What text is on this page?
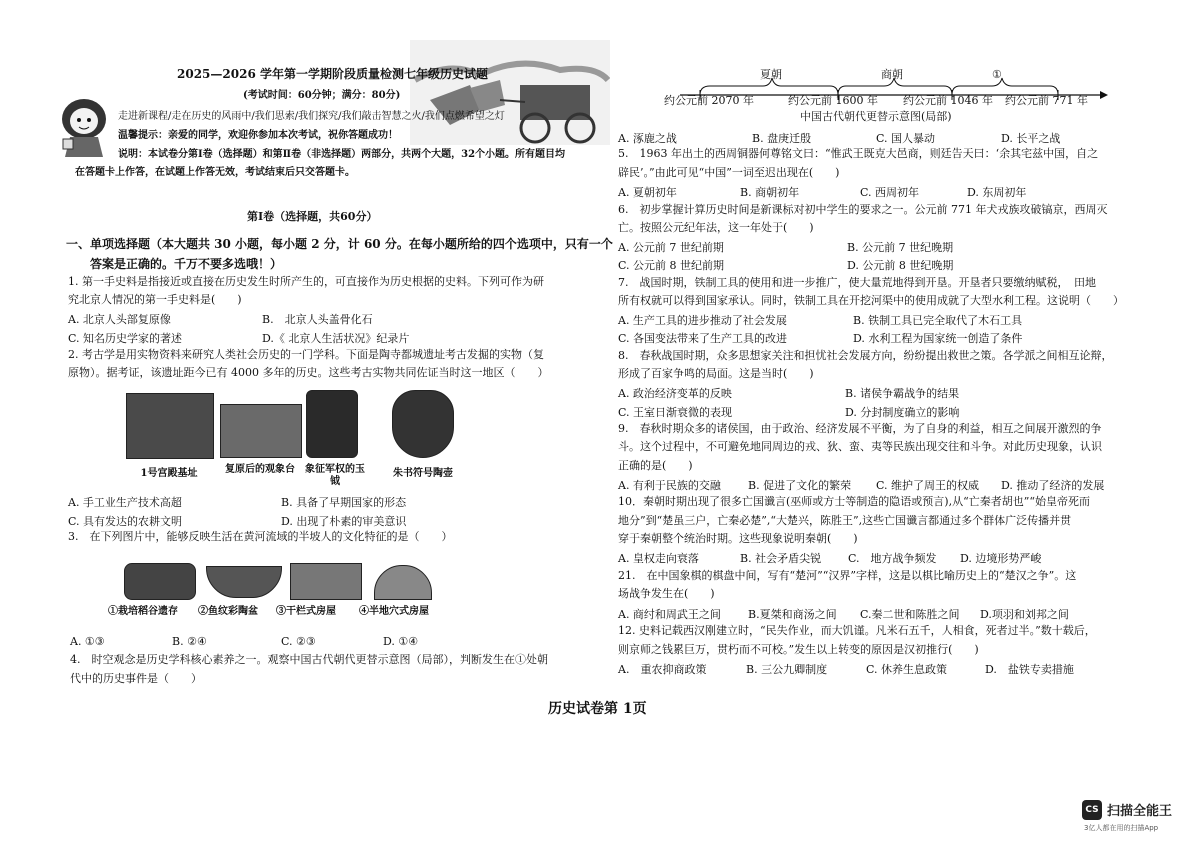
2025—2026 学年第一学期阶段质量检测七年级历史试题
(考试时间：60分钟；满分：80分)
走进新课程/走在历史的风雨中/我们思索/我们探究/我们敲击智慧之火/我们点燃希望之灯
温馨提示：亲爱的同学，欢迎你参加本次考试，祝你答题成功！
说明：本试卷分第Ⅰ卷（选择题）和第Ⅱ卷（非选择题）两部分，共两个大题，32个小题。所有题目均
在答题卡上作答，在试题上作答无效，考试结束后只交答题卡。
第Ⅰ卷（选择题，共60分）
一、单项选择题（本大题共 30 小题，每小题 2 分，计 60 分。在每小题所给的四个选项中，只有一个
答案是正确的。千万不要多选哦！）
1. 第一手史料是指接近或直接在历史发生时所产生的，可直接作为历史根据的史料。下列可作为研
究北京人情况的第一手史料是(　　)
A. 北京人头部复原像	B.　北京人头盖骨化石
C. 知名历史学家的著述	D.《 北京人生活状况》纪录片
2. 考古学是用实物资料来研究人类社会历史的一门学科。下面是陶寺都城遗址考古发掘的实物（复
原物）。据考证，该遗址距今已有 4000 多年的历史。这些考古实物共同佐证当时这一地区（　　）
1号宫殿基址	复原后的观象台	象征军权的玉钺
朱书符号陶壶
A. 手工业生产技术高超	B. 具备了早期国家的形态
C. 具有发达的农耕文明	D. 出现了朴素的审美意识
3.　在下列图片中，能够反映生活在黄河流域的半坡人的文化特征的是（　　）
①栽培稻谷遗存 ②鱼纹彩陶盆 ③干栏式房屋 ④半地穴式房屋
A. ①③	B. ②④	C. ②③	D. ①④
4.　时空观念是历史学科核心素养之一。观察中国古代朝代更替示意图（局部），判断发生在①处朝
代中的历史事件是（　　）
夏朝	商朝	①
约公元前 2070 年	约公元前 1600 年 约公元前 1046 年 约公元前 771 年
中国古代朝代更替示意图(局部)
A. 涿鹿之战	B. 盘庚迁殷	C. 国人暴动	D. 长平之战
5.　1963 年出土的西周铜器何尊铭文曰：“惟武王既克大邑商，则廷告天曰：‘余其宅兹中国，自之
辟民’。”由此可见“中国”一词至迟出现在(　　)
A. 夏朝初年	B. 商朝初年	C. 西周初年	D. 东周初年
6.　初步掌握计算历史时间是新课标对初中学生的要求之一。公元前 771 年犬戎族攻破镐京，西周灭
亡。按照公元纪年法，这一年处于(　　)
A. 公元前 7 世纪前期	B. 公元前 7 世纪晚期
C. 公元前 8 世纪前期	D. 公元前 8 世纪晚期
7.　战国时期，铁制工具的使用和进一步推广，使大量荒地得到开垦。开垦者只要缴纳赋税，　田地
所有权就可以得到国家承认。同时，铁制工具在开挖河渠中的使用成就了大型水利工程。这说明（　　）
A. 生产工具的进步推动了社会发展	B. 铁制工具已完全取代了木石工具
C. 各国变法带来了生产工具的改进	D. 水利工程为国家统一创造了条件
8.　春秋战国时期，众多思想家关注和担忧社会发展方向，纷纷提出救世之策。各学派之间相互论辩，
形成了百家争鸣的局面。这是当时(　　)
A. 政治经济变革的反映	B. 诸侯争霸战争的结果
C. 王室日渐衰微的表现	D. 分封制度确立的影响
9.　春秋时期众多的诸侯国，由于政治、经济发展不平衡，为了自身的利益，相互之间展开激烈的争
斗。这个过程中，不可避免地同周边的戎、狄、蛮、夷等民族出现交往和斗争。对此历史现象，认识
正确的是(　　)
A. 有利于民族的交融 B. 促进了文化的繁荣 C. 维护了周王的权威 D. 推动了经济的发展
10．秦朝时期出现了很多亡国谶言(巫师或方士等制造的隐语或预言),从“亡秦者胡也”“始皇帝死而
地分”到“楚虽三户，亡秦必楚”,“大楚兴，陈胜王”,这些亡国谶言都通过多个群体广泛传播并贯
穿于秦朝整个统治时期。这些现象说明秦朝(　　)
A. 皇权走向衰落	B. 社会矛盾尖锐 C.　地方战争频发 D. 边境形势严峻
21.　在中国象棋的棋盘中间，写有“楚河”“汉界”字样，这是以棋比喻历史上的“楚汉之争”。这
场战争发生在(　　)
A. 商纣和周武王之间 B.夏桀和商汤之间 C.秦二世和陈胜之间 D.项羽和刘邦之间
12. 史料记载西汉刚建立时，“民失作业，而大饥谨。凡米石五千，人相食，死者过半。”数十载后，
则京师之钱累巨万，贯朽而不可校。”发生以上转变的原因是汉初推行(　　)
A.　重农抑商政策	B. 三公九卿制度	C. 休养生息政策	D.　盐铁专卖措施
历史试卷第 1页
CS 扫描全能王
3亿人都在用的扫描App
